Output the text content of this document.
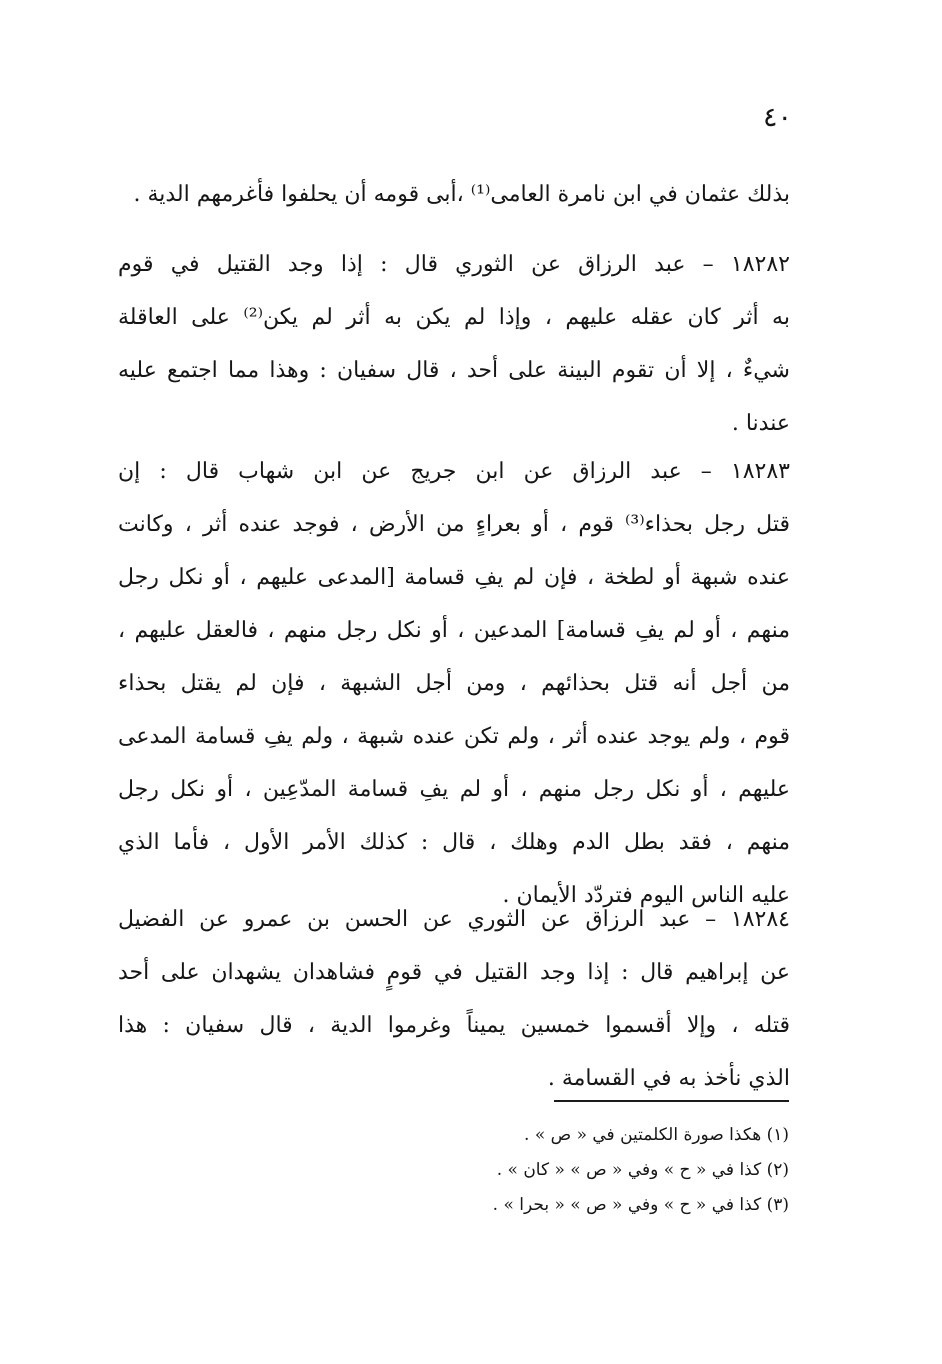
٤٠

بذلك عثمان في ابن نامرة العامى⁽¹⁾ ،أبى قومه أن يحلفوا فأغرمهم الدية .

١٨٢٨٢ – عبد الرزاق عن الثوري قال : إذا وجد القتيل في قوم
به أثر كان عقله عليهم ، وإذا لم يكن به أثر لم يكن⁽²⁾ على العاقلة
شيءٌ ، إلا أن تقوم البينة على أحد ، قال سفيان : وهذا مما اجتمع عليه
عندنا .

١٨٢٨٣ – عبد الرزاق عن ابن جريج عن ابن شهاب قال : إن
قتل رجل بحذاء⁽³⁾ قوم ، أو بعراءٍ من الأرض ، فوجد عنده أثر ، وكانت
عنده شبهة أو لطخة ، فإن لم يفِ قسامة [المدعى عليهم ، أو نكل رجل
منهم ، أو لم يفِ قسامة] المدعين ، أو نكل رجل منهم ، فالعقل عليهم ،
من أجل أنه قتل بحذائهم ، ومن أجل الشبهة ، فإن لم يقتل بحذاء
قوم ، ولم يوجد عنده أثر ، ولم تكن عنده شبهة ، ولم يفِ قسامة المدعى
عليهم ، أو نكل رجل منهم ، أو لم يفِ قسامة المدّعِين ، أو نكل رجل
منهم ، فقد بطل الدم وهلك ، قال : كذلك الأمر الأول ، فأما الذي
عليه الناس اليوم فتردّد الأيمان .

١٨٢٨٤ – عبد الرزاق عن الثوري عن الحسن بن عمرو عن الفضيل
عن إبراهيم قال : إذا وجد القتيل في قومٍ فشاهدان يشهدان على أحد
قتله ، وإلا أقسموا خمسين يميناً وغرموا الدية ، قال سفيان : هذا
الذي نأخذ به في القسامة .

(١) هكذا صورة الكلمتين في « ص » .
(٢) كذا في « ح » وفي « ص » « كان » .
(٣) كذا في « ح » وفي « ص » « بحرا » .
